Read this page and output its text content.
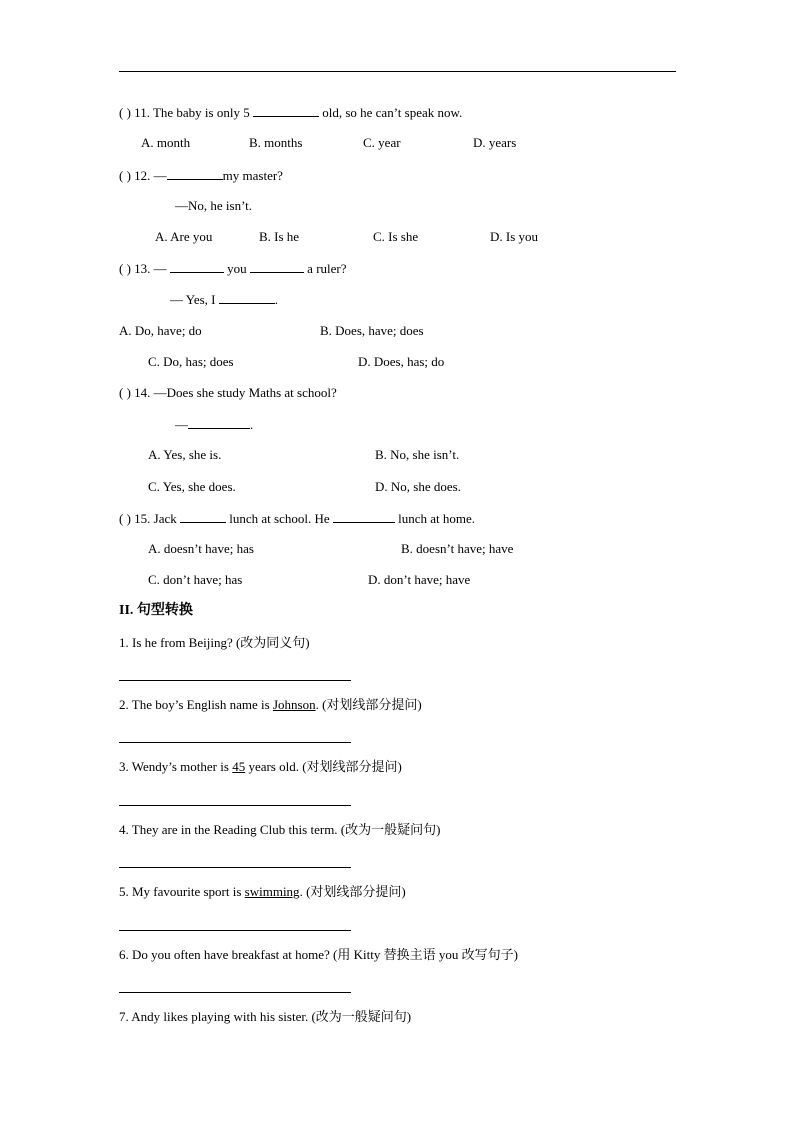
( ) 11. The baby is only 5	old, so he can’t speak now.
A. month	B. months	C. year	D. years
( ) 12. —	my master?
—No, he isn’t.
A. Are you	B. Is he	C. Is she	D. Is you
( ) 13. —	you	a ruler?
— Yes, I	.
A. Do, have; do	B. Does, have; does
C. Do, has; does	D. Does, has; do
( ) 14. —Does she study Maths at school?
—	.
A. Yes, she is.	B. No, she isn’t.
C. Yes, she does.	D. No, she does.
( ) 15. Jack	lunch at school. He	lunch at home.
A. doesn’t have; has	B. doesn’t have; have
C. don’t have; has	D. don’t have; have
II. 句型转换
1. Is he from Beijing? (改为同义句)
2. The boy’s English name is Johnson. (对划线部分提问)
3. Wendy’s mother is 45 years old. (对划线部分提问)
4. They are in the Reading Club this term. (改为一般疑问句)
5. My favourite sport is swimming. (对划线部分提问)
6. Do you often have breakfast at home? (用 Kitty 替换主语 you 改写句子)
7. Andy likes playing with his sister. (改为一般疑问句)
